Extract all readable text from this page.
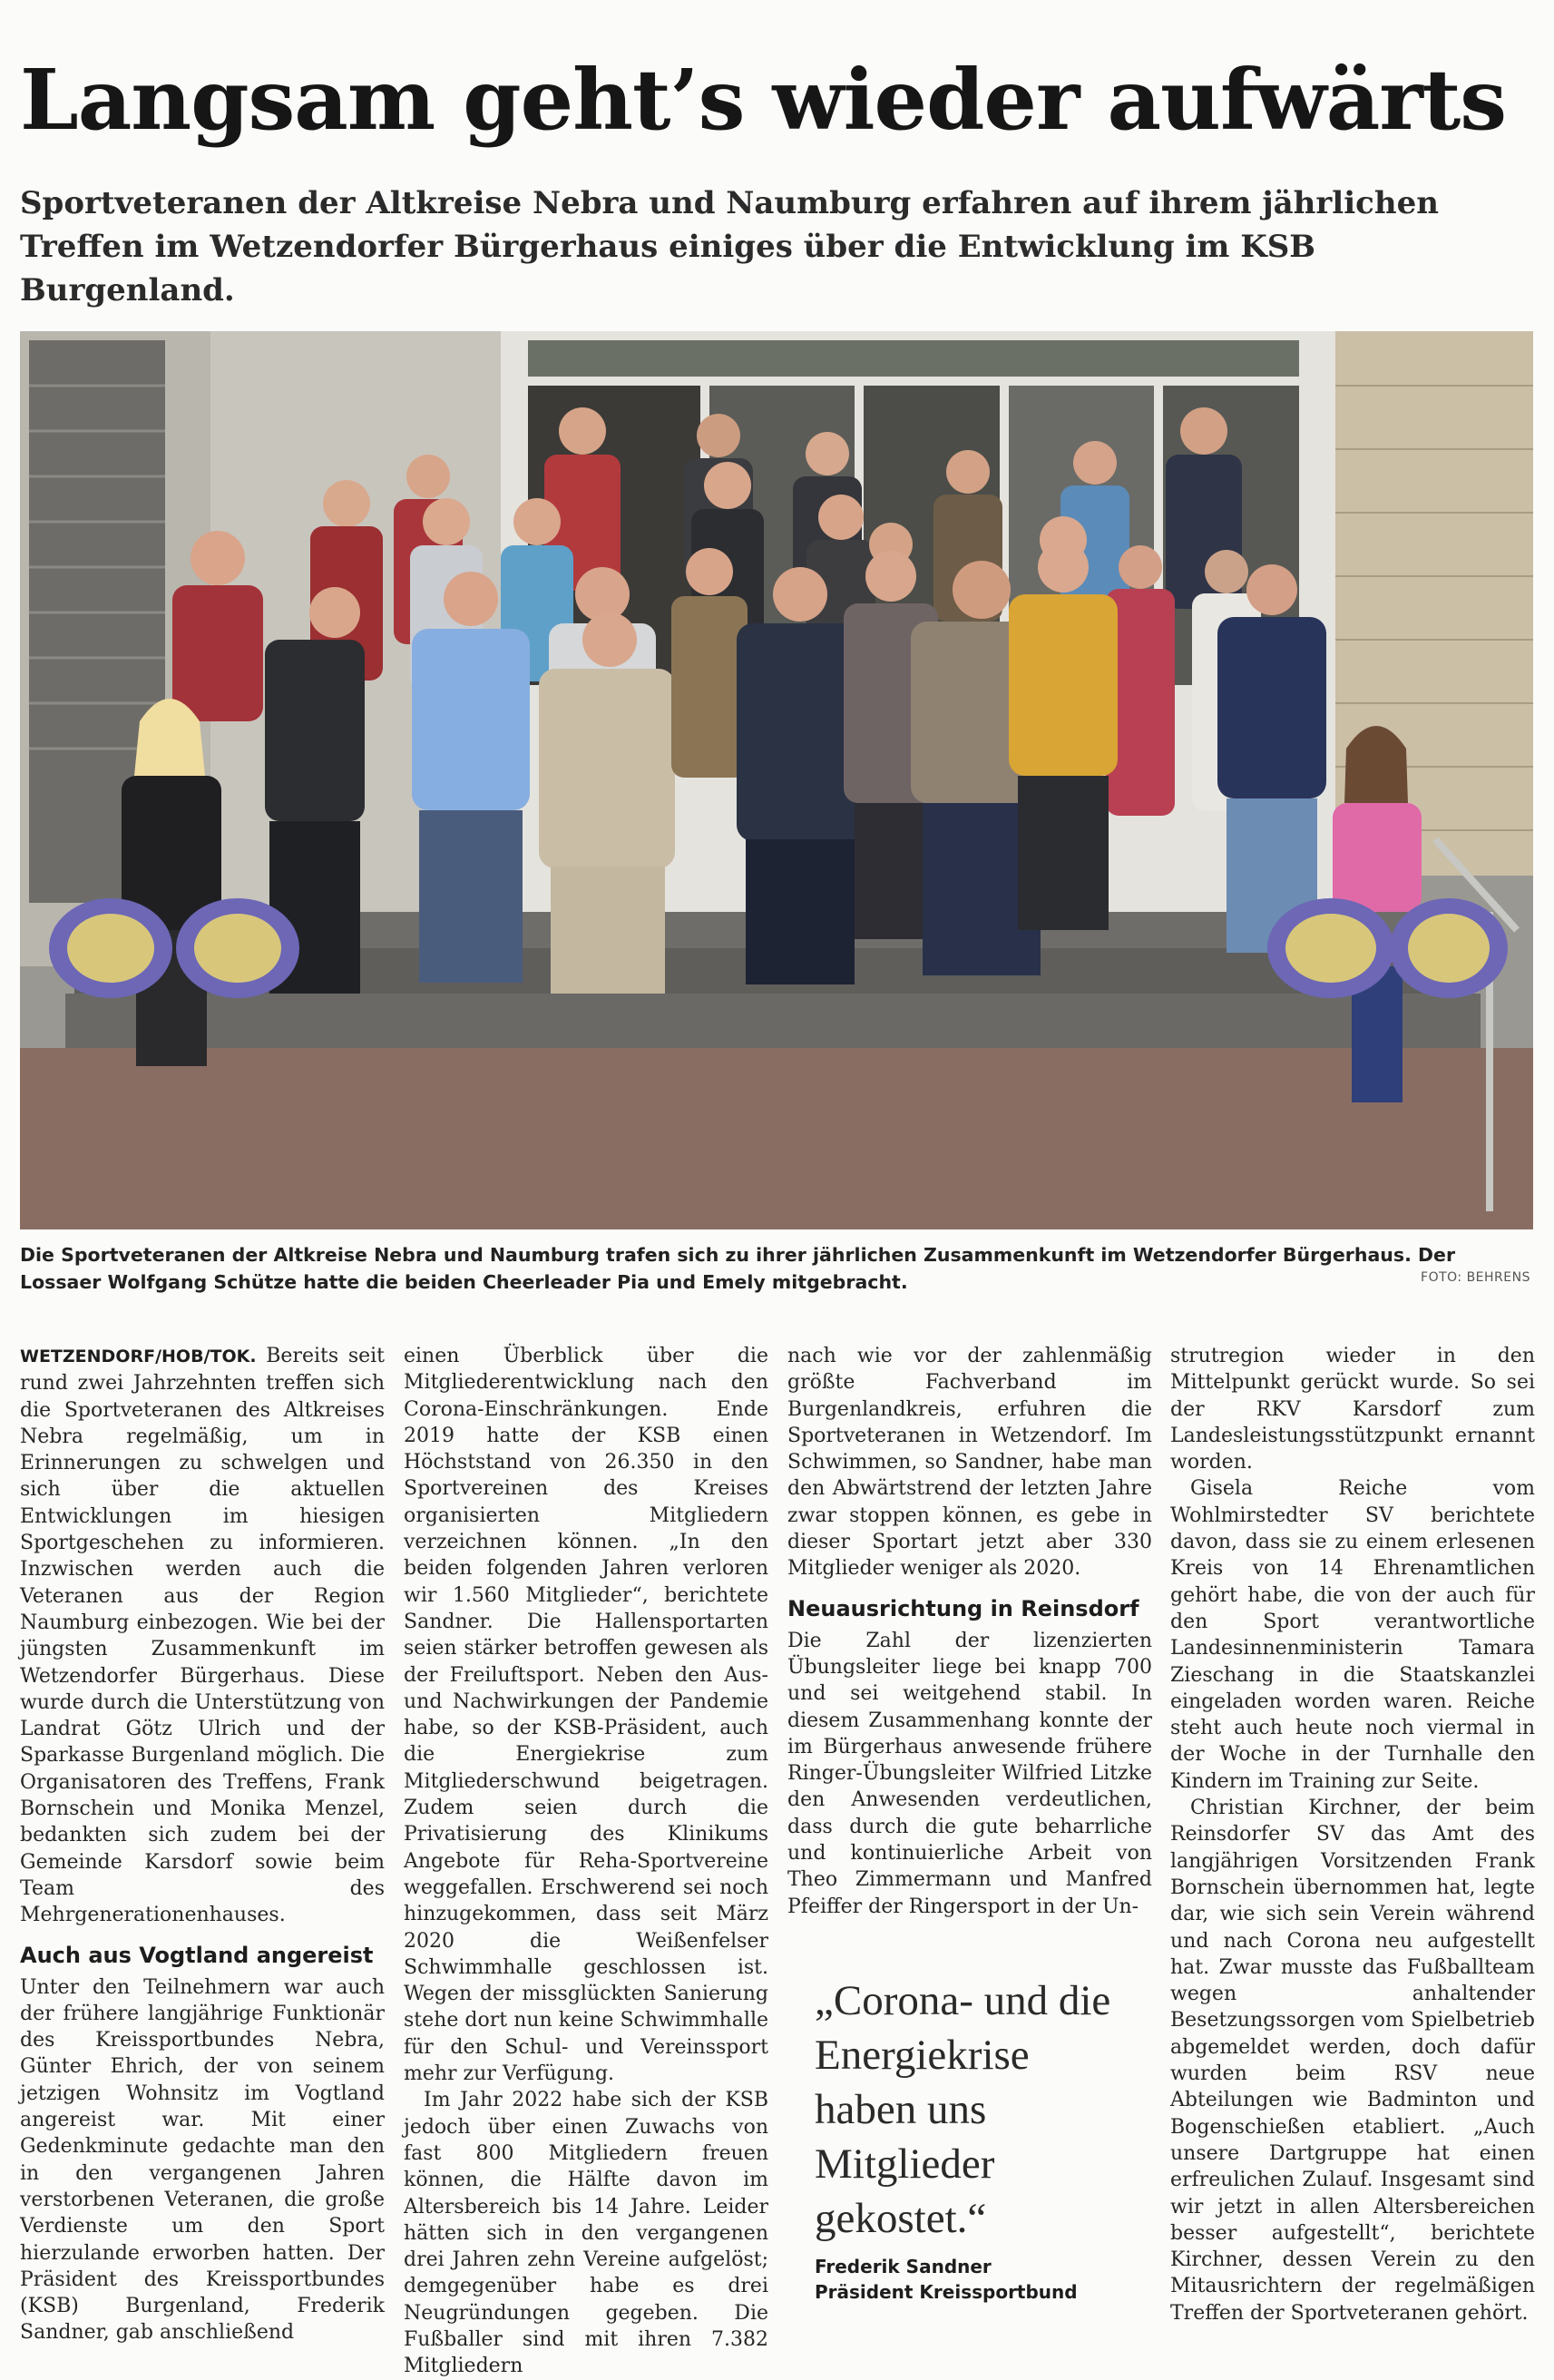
Langsam geht’s wieder aufwärts

Sportveteranen der Altkreise Nebra und Naumburg erfahren auf ihrem jährlichen Treffen im Wetzendorfer Bürgerhaus einiges über die Entwicklung im KSB Burgenland.

Die Sportveteranen der Altkreise Nebra und Naumburg trafen sich zu ihrer jährlichen Zusammenkunft im Wetzendorfer Bürgerhaus. Der Lossaer Wolfgang Schütze hatte die beiden Cheerleader Pia und Emely mitgebracht.	FOTO: BEHRENS

WETZENDORF/HOB/TOK. Bereits seit rund zwei Jahrzehnten treffen sich die Sportveteranen des Altkreises Nebra regelmäßig, um in Erinnerungen zu schwelgen und sich über die aktuellen Entwicklungen im hiesigen Sportgeschehen zu informieren. Inzwischen werden auch die Veteranen aus der Region Naumburg einbezogen. Wie bei der jüngsten Zusammenkunft im Wetzendorfer Bürgerhaus. Diese wurde durch die Unterstützung von Landrat Götz Ulrich und der Sparkasse Burgenland möglich. Die Organisatoren des Treffens, Frank Bornschein und Monika Menzel, bedankten sich zudem bei der Gemeinde Karsdorf sowie beim Team des Mehrgenerationenhauses.

Auch aus Vogtland angereist

Unter den Teilnehmern war auch der frühere langjährige Funktionär des Kreissportbundes Nebra, Günter Ehrich, der von seinem jetzigen Wohnsitz im Vogtland angereist war. Mit einer Gedenkminute gedachte man den in den vergangenen Jahren verstorbenen Veteranen, die große Verdienste um den Sport hierzulande erworben hatten. Der Präsident des Kreissportbundes (KSB) Burgenland, Frederik Sandner, gab anschließend

einen Überblick über die Mitgliederentwicklung nach den Corona-Einschränkungen. Ende 2019 hatte der KSB einen Höchststand von 26.350 in den Sportvereinen des Kreises organisierten Mitgliedern verzeichnen können. „In den beiden folgenden Jahren verloren wir 1.560 Mitglieder“, berichtete Sandner. Die Hallensportarten seien stärker betroffen gewesen als der Freiluftsport. Neben den Aus- und Nachwirkungen der Pandemie habe, so der KSB-Präsident, auch die Energiekrise zum Mitgliederschwund beigetragen. Zudem seien durch die Privatisierung des Klinikums Angebote für Reha-Sportvereine weggefallen. Erschwerend sei noch hinzugekommen, dass seit März 2020 die Weißenfelser Schwimmhalle geschlossen ist. Wegen der missglückten Sanierung stehe dort nun keine Schwimmhalle für den Schul- und Vereinssport mehr zur Verfügung.

Im Jahr 2022 habe sich der KSB jedoch über einen Zuwachs von fast 800 Mitgliedern freuen können, die Hälfte davon im Altersbereich bis 14 Jahre. Leider hätten sich in den vergangenen drei Jahren zehn Vereine aufgelöst; demgegenüber habe es drei Neugründungen gegeben. Die Fußballer sind mit ihren 7.382 Mitgliedern

nach wie vor der zahlenmäßig größte Fachverband im Burgenlandkreis, erfuhren die Sportveteranen in Wetzendorf. Im Schwimmen, so Sandner, habe man den Abwärtstrend der letzten Jahre zwar stoppen können, es gebe in dieser Sportart jetzt aber 330 Mitglieder weniger als 2020.

Neuausrichtung in Reinsdorf

Die Zahl der lizenzierten Übungsleiter liege bei knapp 700 und sei weitgehend stabil. In diesem Zusammenhang konnte der im Bürgerhaus anwesende frühere Ringer-Übungsleiter Wilfried Litzke den Anwesenden verdeutlichen, dass durch die gute beharrliche und kontinuierliche Arbeit von Theo Zimmermann und Manfred Pfeiffer der Ringersport in der Un-

„Corona- und die Energiekrise haben uns Mitglieder gekostet.“
Frederik Sandner
Präsident Kreissportbund

strutregion wieder in den Mittelpunkt gerückt wurde. So sei der RKV Karsdorf zum Landesleistungsstützpunkt ernannt worden.

Gisela Reiche vom Wohlmirstedter SV berichtete davon, dass sie zu einem erlesenen Kreis von 14 Ehrenamtlichen gehört habe, die von der auch für den Sport verantwortliche Landesinnenministerin Tamara Zieschang in die Staatskanzlei eingeladen worden waren. Reiche steht auch heute noch viermal in der Woche in der Turnhalle den Kindern im Training zur Seite.

Christian Kirchner, der beim Reinsdorfer SV das Amt des langjährigen Vorsitzenden Frank Bornschein übernommen hat, legte dar, wie sich sein Verein während und nach Corona neu aufgestellt hat. Zwar musste das Fußballteam wegen anhaltender Besetzungssorgen vom Spielbetrieb abgemeldet werden, doch dafür wurden beim RSV neue Abteilungen wie Badminton und Bogenschießen etabliert. „Auch unsere Dartgruppe hat einen erfreulichen Zulauf. Insgesamt sind wir jetzt in allen Altersbereichen besser aufgestellt“, berichtete Kirchner, dessen Verein zu den Mitausrichtern der regelmäßigen Treffen der Sportveteranen gehört.
